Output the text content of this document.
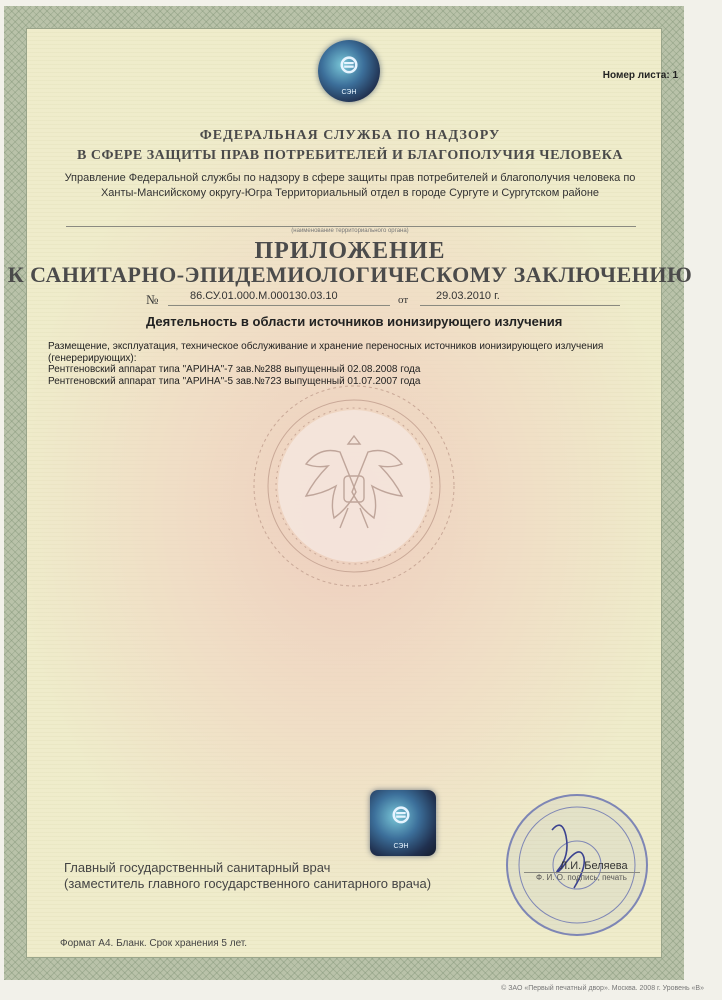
⊜
СЭН
⊜
СЭН
Номер листа: 1
ФЕДЕРАЛЬНАЯ СЛУЖБА ПО НАДЗОРУ
В СФЕРЕ ЗАЩИТЫ ПРАВ ПОТРЕБИТЕЛЕЙ И БЛАГОПОЛУЧИЯ ЧЕЛОВЕКА
Управление Федеральной службы по надзору в сфере защиты прав потребителей и благополучия человека по
Ханты-Мансийскому округу-Югра Территориальный отдел в городе Сургуте и Сургутском районе
(наименование территориального органа)
ПРИЛОЖЕНИЕ
К САНИТАРНО-ЭПИДЕМИОЛОГИЧЕСКОМУ ЗАКЛЮЧЕНИЮ
№	86.СУ.01.000.М.000130.03.10	от	29.03.2010 г.
Деятельность в области источников ионизирующего излучения
Размещение, эксплуатация, техническое обслуживание и хранение переносных источников ионизирующего излучения
(генерерирующих):
Рентгеновский аппарат типа "АРИНА"-7 зав.№288 выпущенный 02.08.2008 года
Рентгеновский аппарат типа "АРИНА"-5 зав.№723 выпущенный 01.07.2007 года
Главный государственный санитарный врач
(заместитель главного государственного санитарного врача)
Л.И. Беляева
Ф. И. О. подпись, печать
Формат А4. Бланк. Срок хранения 5 лет.
© ЗАО «Первый печатный двор». Москва. 2008 г. Уровень «В»
